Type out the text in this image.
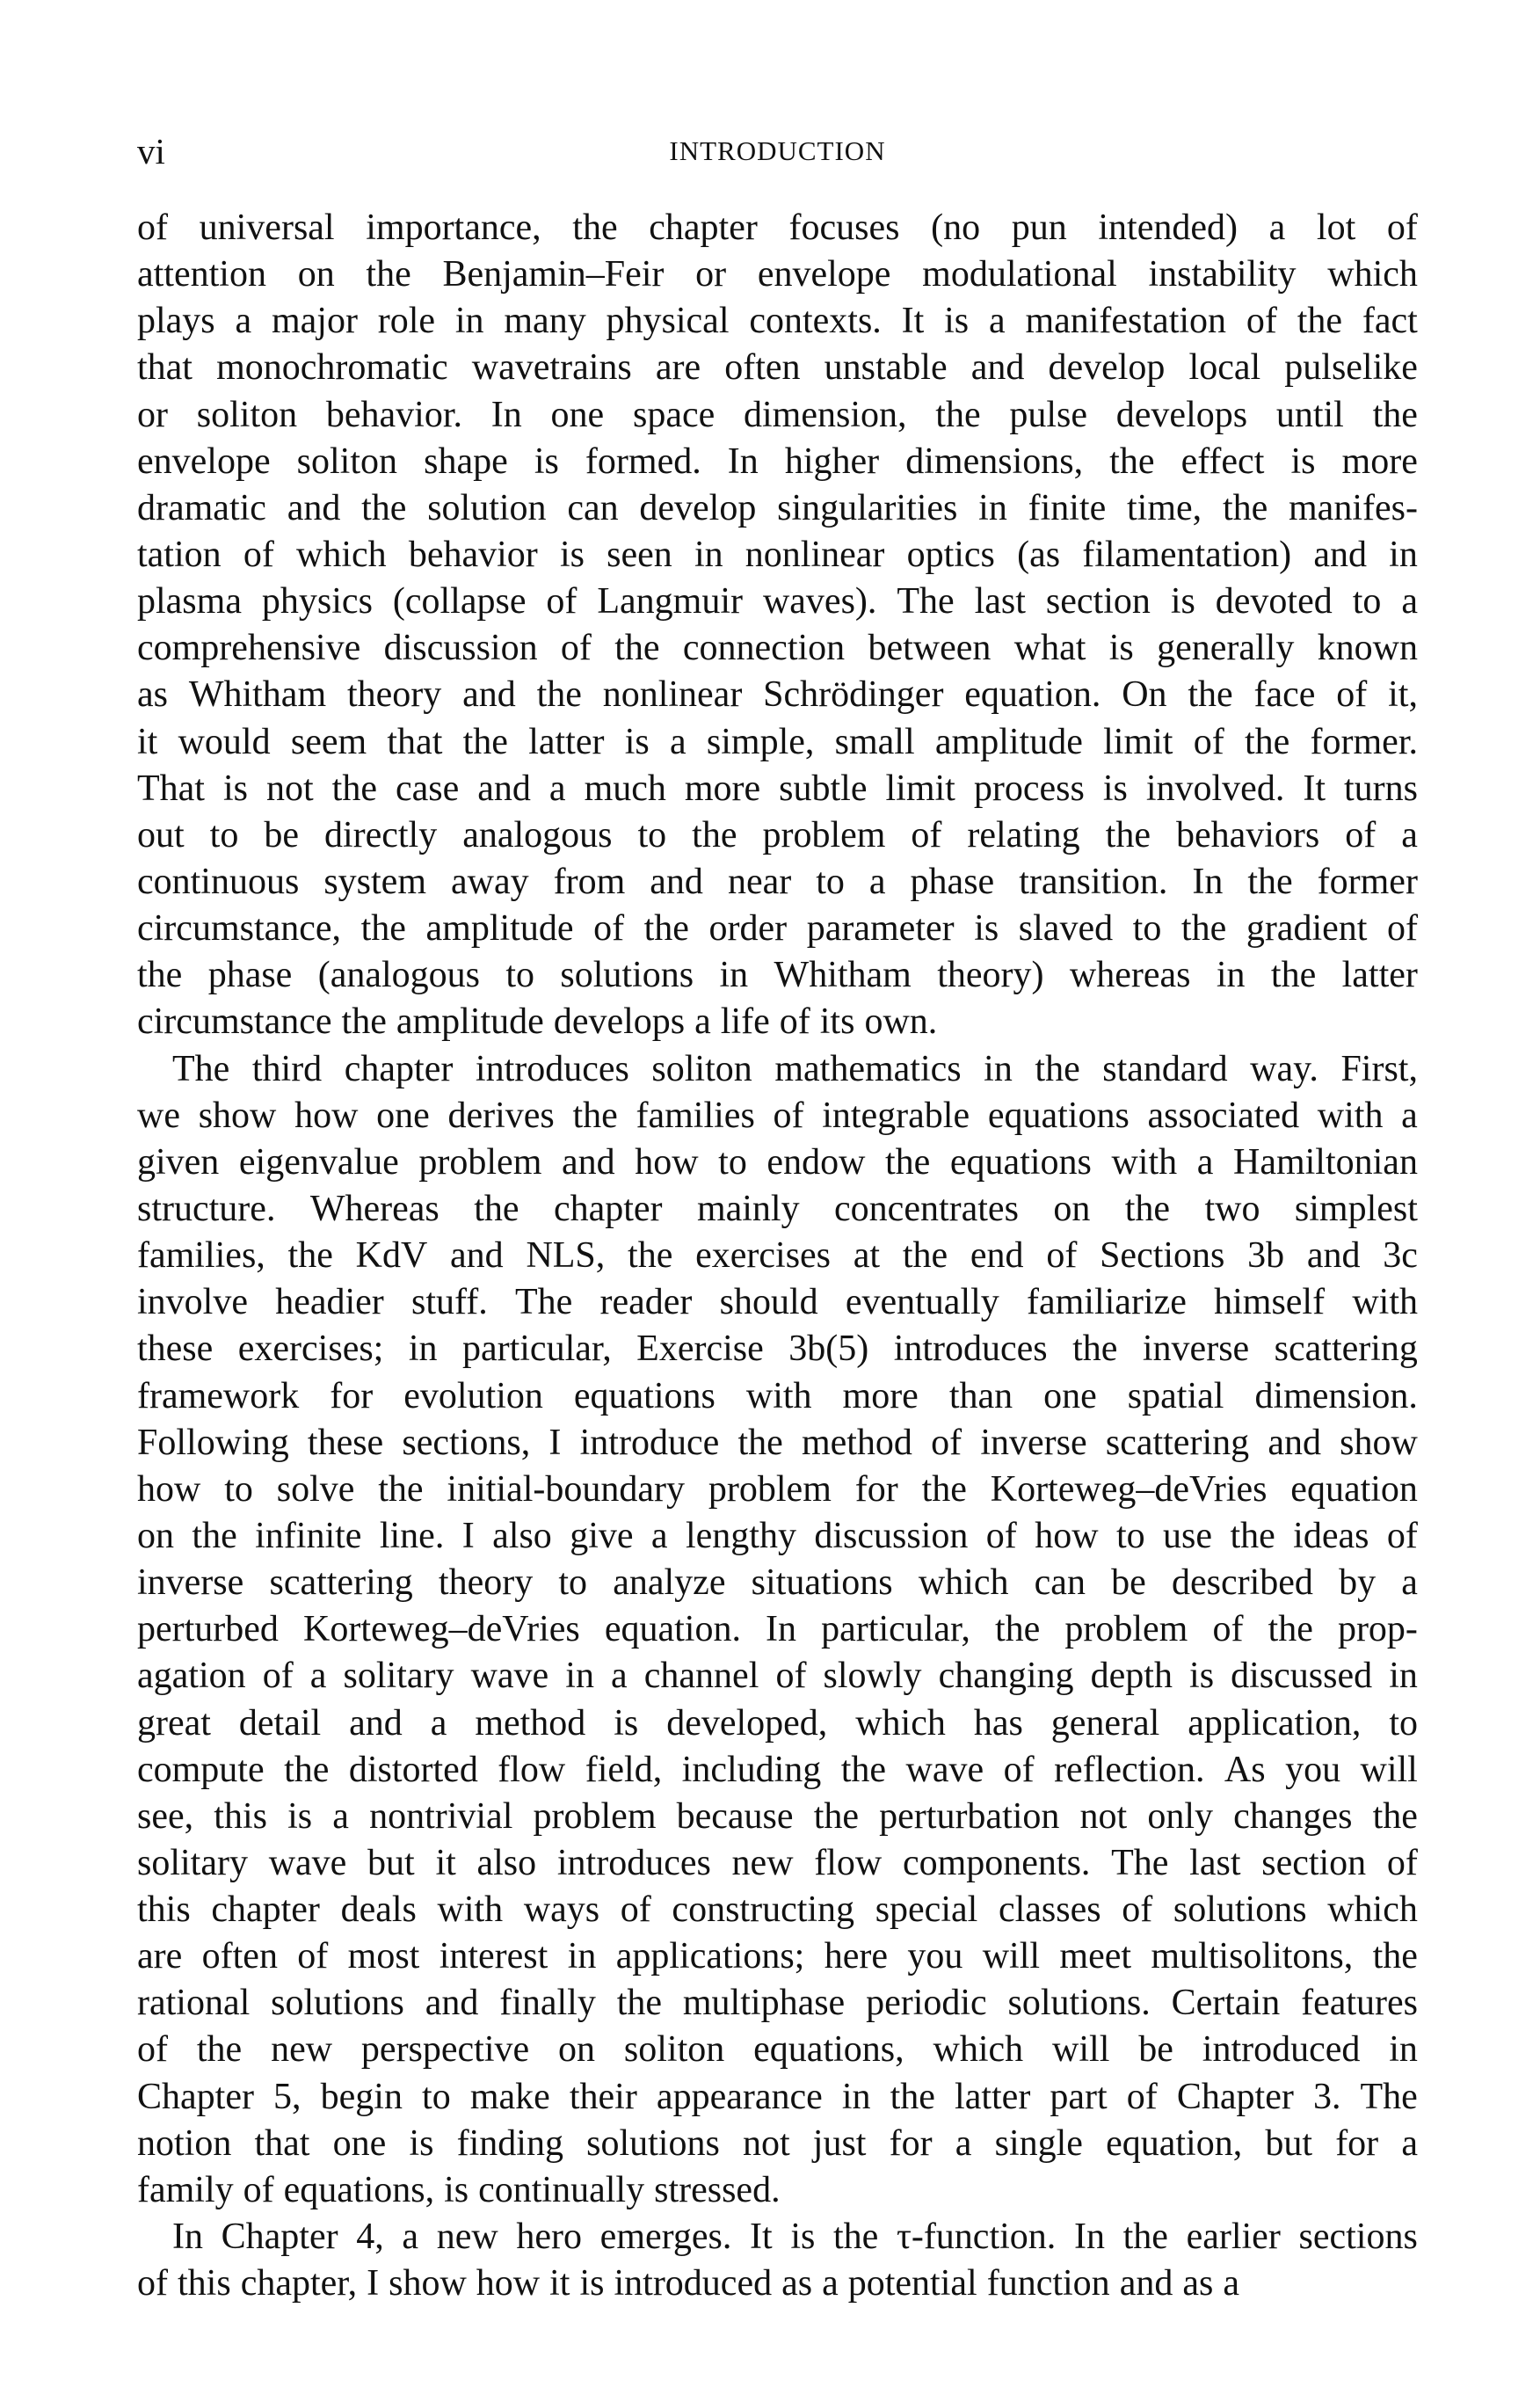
vi	INTRODUCTION
of universal importance, the chapter focuses (no pun intended) a lot of
attention on the Benjamin–Feir or envelope modulational instability which
plays a major role in many physical contexts. It is a manifestation of the fact
that monochromatic wavetrains are often unstable and develop local pulselike
or soliton behavior. In one space dimension, the pulse develops until the
envelope soliton shape is formed. In higher dimensions, the effect is more
dramatic and the solution can develop singularities in finite time, the manifes-
tation of which behavior is seen in nonlinear optics (as filamentation) and in
plasma physics (collapse of Langmuir waves). The last section is devoted to a
comprehensive discussion of the connection between what is generally known
as Whitham theory and the nonlinear Schrödinger equation. On the face of it,
it would seem that the latter is a simple, small amplitude limit of the former.
That is not the case and a much more subtle limit process is involved. It turns
out to be directly analogous to the problem of relating the behaviors of a
continuous system away from and near to a phase transition. In the former
circumstance, the amplitude of the order parameter is slaved to the gradient of
the phase (analogous to solutions in Whitham theory) whereas in the latter
circumstance the amplitude develops a life of its own.
The third chapter introduces soliton mathematics in the standard way. First,
we show how one derives the families of integrable equations associated with a
given eigenvalue problem and how to endow the equations with a Hamiltonian
structure. Whereas the chapter mainly concentrates on the two simplest
families, the KdV and NLS, the exercises at the end of Sections 3b and 3c
involve headier stuff. The reader should eventually familiarize himself with
these exercises; in particular, Exercise 3b(5) introduces the inverse scattering
framework for evolution equations with more than one spatial dimension.
Following these sections, I introduce the method of inverse scattering and show
how to solve the initial-boundary problem for the Korteweg–deVries equation
on the infinite line. I also give a lengthy discussion of how to use the ideas of
inverse scattering theory to analyze situations which can be described by a
perturbed Korteweg–deVries equation. In particular, the problem of the prop-
agation of a solitary wave in a channel of slowly changing depth is discussed in
great detail and a method is developed, which has general application, to
compute the distorted flow field, including the wave of reflection. As you will
see, this is a nontrivial problem because the perturbation not only changes the
solitary wave but it also introduces new flow components. The last section of
this chapter deals with ways of constructing special classes of solutions which
are often of most interest in applications; here you will meet multisolitons, the
rational solutions and finally the multiphase periodic solutions. Certain features
of the new perspective on soliton equations, which will be introduced in
Chapter 5, begin to make their appearance in the latter part of Chapter 3. The
notion that one is finding solutions not just for a single equation, but for a
family of equations, is continually stressed.
In Chapter 4, a new hero emerges. It is the τ-function. In the earlier sections
of this chapter, I show how it is introduced as a potential function and as a
